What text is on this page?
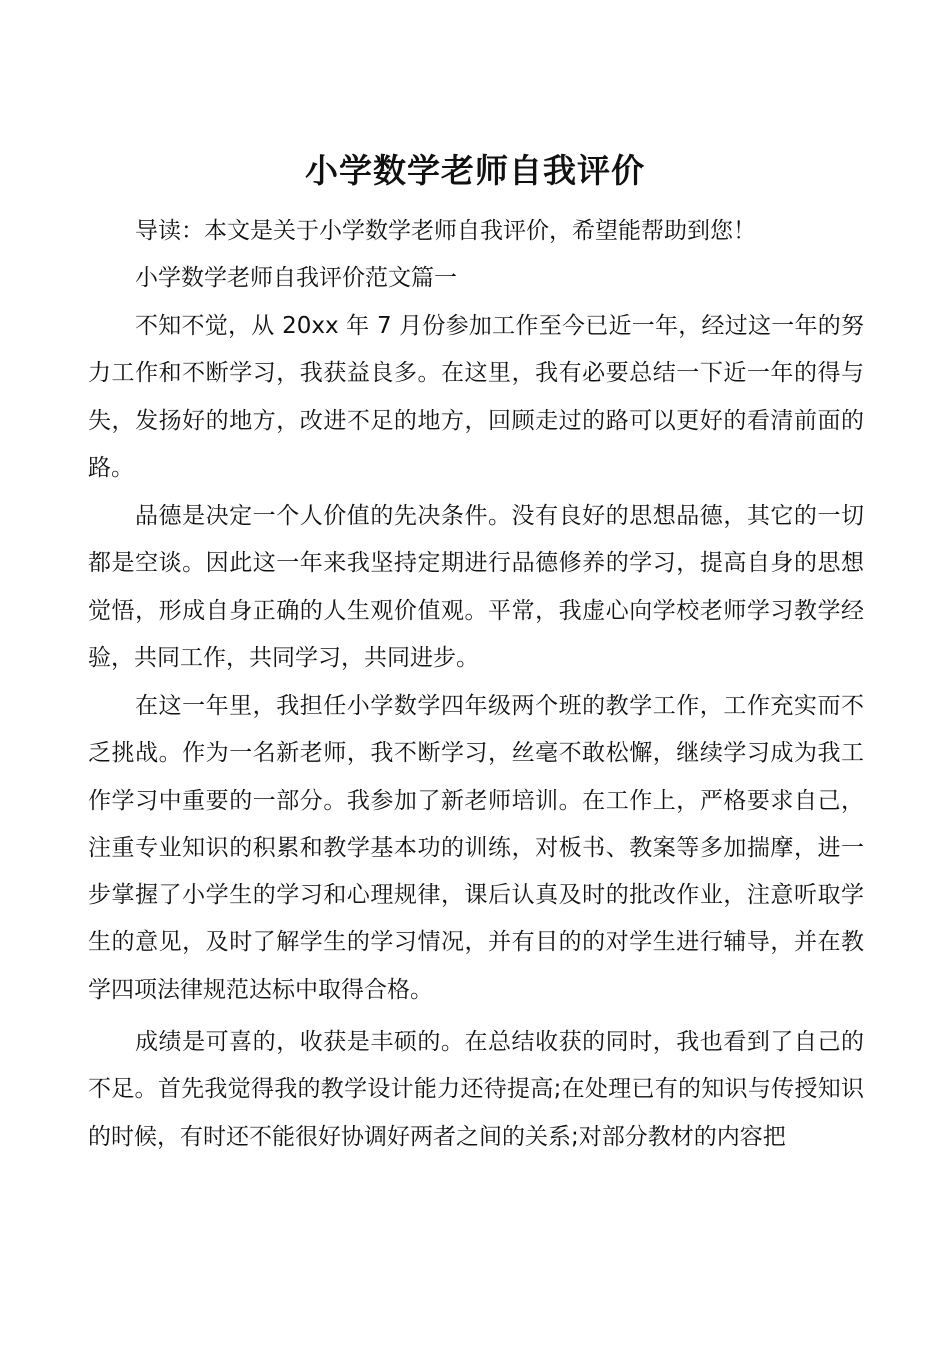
小学数学老师自我评价

导读：本文是关于小学数学老师自我评价，希望能帮助到您！

小学数学老师自我评价范文篇一

不知不觉，从 20xx 年 7 月份参加工作至今已近一年，经过这一年的努力工作和不断学习，我获益良多。在这里，我有必要总结一下近一年的得与失，发扬好的地方，改进不足的地方，回顾走过的路可以更好的看清前面的路。

品德是决定一个人价值的先决条件。没有良好的思想品德，其它的一切都是空谈。因此这一年来我坚持定期进行品德修养的学习，提高自身的思想觉悟，形成自身正确的人生观价值观。平常，我虚心向学校老师学习教学经验，共同工作，共同学习，共同进步。

在这一年里，我担任小学数学四年级两个班的教学工作，工作充实而不乏挑战。作为一名新老师，我不断学习，丝毫不敢松懈，继续学习成为我工作学习中重要的一部分。我参加了新老师培训。在工作上，严格要求自己，注重专业知识的积累和教学基本功的训练，对板书、教案等多加揣摩，进一步掌握了小学生的学习和心理规律，课后认真及时的批改作业，注意听取学生的意见，及时了解学生的学习情况，并有目的的对学生进行辅导，并在教学四项法律规范达标中取得合格。

成绩是可喜的，收获是丰硕的。在总结收获的同时，我也看到了自己的不足。首先我觉得我的教学设计能力还待提高;在处理已有的知识与传授知识的时候，有时还不能很好协调好两者之间的关系;对部分教材的内容把
